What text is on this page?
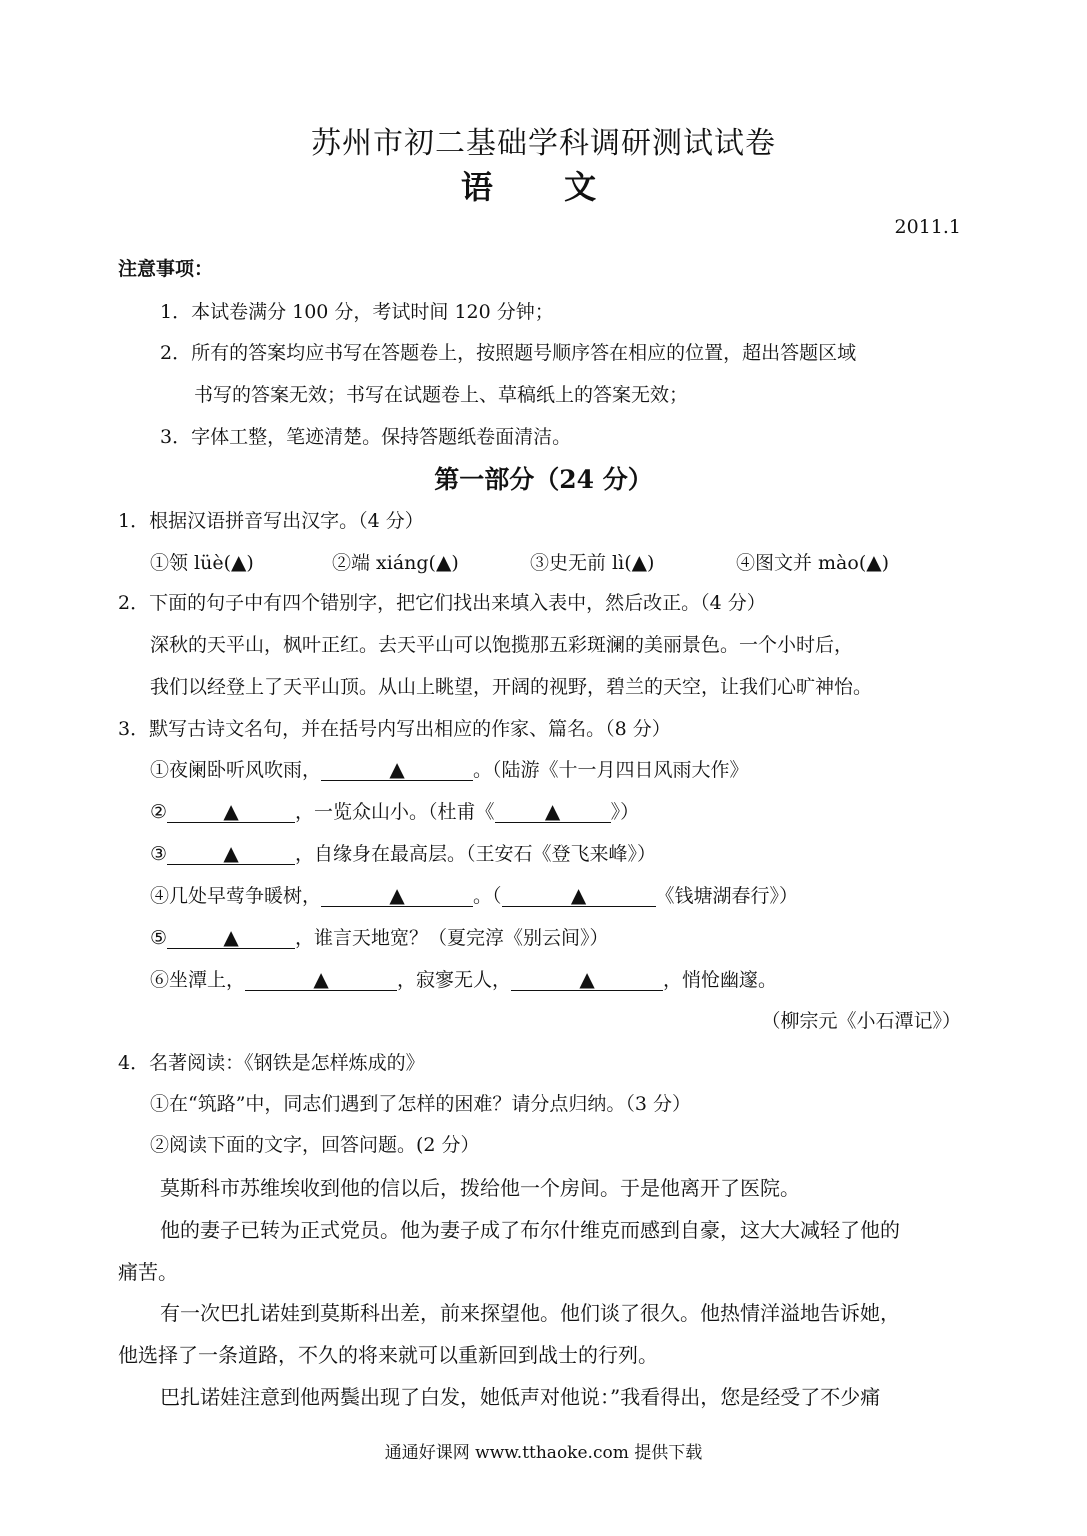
苏州市初二基础学科调研测试试卷
语 文
2011.1
注意事项：
1．本试卷满分 100 分，考试时间 120 分钟；
2．所有的答案均应书写在答题卷上，按照题号顺序答在相应的位置，超出答题区域
书写的答案无效；书写在试题卷上、草稿纸上的答案无效；
3．字体工整，笔迹清楚。保持答题纸卷面清洁。
第一部分（24 分）
1．根据汉语拼音写出汉字。（4 分）
①领 lüè(▲)	②端 xiáng(▲)	③史无前 lì(▲)	④图文并 mào(▲)
2．下面的句子中有四个错别字，把它们找出来填入表中，然后改正。（4 分）
深秋的天平山，枫叶正红。去天平山可以饱揽那五彩斑澜的美丽景色。一个小时后，
我们以经登上了天平山顶。从山上眺望，开阔的视野，碧兰的天空，让我们心旷神怡。
3．默写古诗文名句，并在括号内写出相应的作家、篇名。（8 分）
①夜阑卧听风吹雨，	▲	。（陆游《十一月四日风雨大作》
②	▲	，一览众山小。（杜甫《	▲	》）
③	▲	，自缘身在最高层。（王安石《登飞来峰》）
④几处早莺争暖树，	▲	。（	▲	《钱塘湖春行》）
⑤	▲	，谁言天地宽？（夏完淳《别云间》）
⑥坐潭上，	▲	，寂寥无人，	▲	，悄怆幽邃。
（柳宗元《小石潭记》）
4．名著阅读：《钢铁是怎样炼成的》
①在“筑路”中，同志们遇到了怎样的困难？请分点归纳。（3 分）
②阅读下面的文字，回答问题。(2 分）
莫斯科市苏维埃收到他的信以后，拨给他一个房间。于是他离开了医院。
他的妻子已转为正式党员。他为妻子成了布尔什维克而感到自豪，这大大减轻了他的
痛苦。
有一次巴扎诺娃到莫斯科出差，前来探望他。他们谈了很久。他热情洋溢地告诉她，
他选择了一条道路，不久的将来就可以重新回到战士的行列。
巴扎诺娃注意到他两鬓出现了白发，她低声对他说：”我看得出，您是经受了不少痛
通通好课网 www.tthaoke.com 提供下载
